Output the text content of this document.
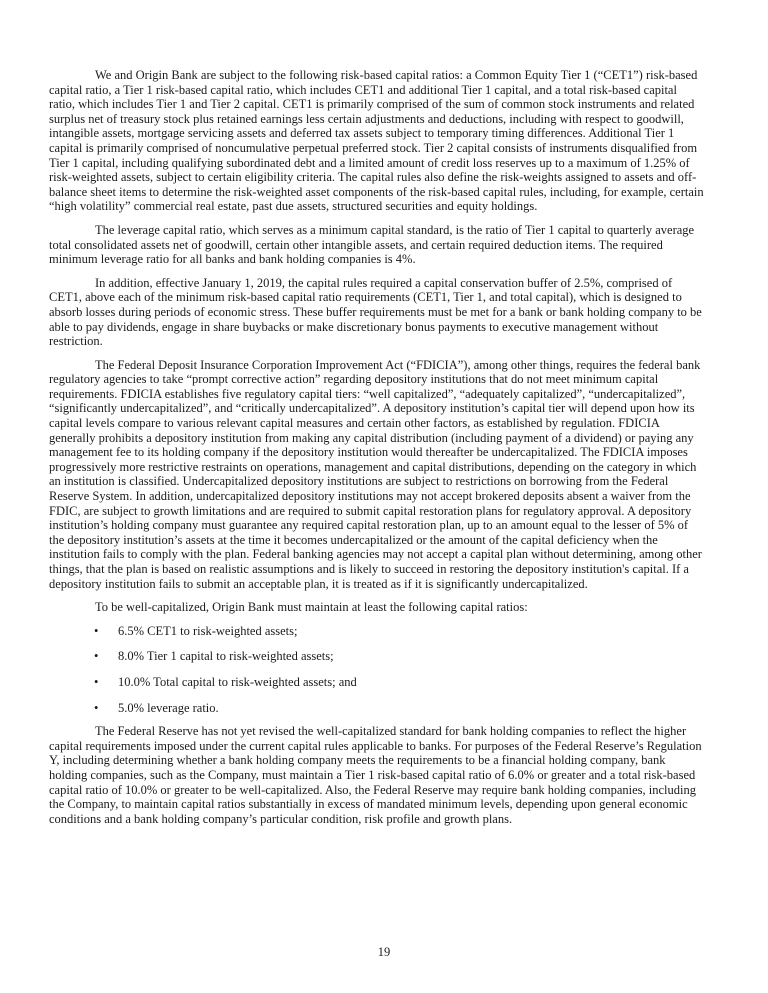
We and Origin Bank are subject to the following risk-based capital ratios: a Common Equity Tier 1 (“CET1”) risk-based capital ratio, a Tier 1 risk-based capital ratio, which includes CET1 and additional Tier 1 capital, and a total risk-based capital ratio, which includes Tier 1 and Tier 2 capital. CET1 is primarily comprised of the sum of common stock instruments and related surplus net of treasury stock plus retained earnings less certain adjustments and deductions, including with respect to goodwill, intangible assets, mortgage servicing assets and deferred tax assets subject to temporary timing differences. Additional Tier 1 capital is primarily comprised of noncumulative perpetual preferred stock. Tier 2 capital consists of instruments disqualified from Tier 1 capital, including qualifying subordinated debt and a limited amount of credit loss reserves up to a maximum of 1.25% of risk-weighted assets, subject to certain eligibility criteria. The capital rules also define the risk-weights assigned to assets and off-balance sheet items to determine the risk-weighted asset components of the risk-based capital rules, including, for example, certain “high volatility” commercial real estate, past due assets, structured securities and equity holdings.

The leverage capital ratio, which serves as a minimum capital standard, is the ratio of Tier 1 capital to quarterly average total consolidated assets net of goodwill, certain other intangible assets, and certain required deduction items. The required minimum leverage ratio for all banks and bank holding companies is 4%.

In addition, effective January 1, 2019, the capital rules required a capital conservation buffer of 2.5%, comprised of CET1, above each of the minimum risk-based capital ratio requirements (CET1, Tier 1, and total capital), which is designed to absorb losses during periods of economic stress. These buffer requirements must be met for a bank or bank holding company to be able to pay dividends, engage in share buybacks or make discretionary bonus payments to executive management without restriction.

The Federal Deposit Insurance Corporation Improvement Act (“FDICIA”), among other things, requires the federal bank regulatory agencies to take “prompt corrective action” regarding depository institutions that do not meet minimum capital requirements. FDICIA establishes five regulatory capital tiers: “well capitalized”, “adequately capitalized”, “undercapitalized”, “significantly undercapitalized”, and “critically undercapitalized”. A depository institution’s capital tier will depend upon how its capital levels compare to various relevant capital measures and certain other factors, as established by regulation. FDICIA generally prohibits a depository institution from making any capital distribution (including payment of a dividend) or paying any management fee to its holding company if the depository institution would thereafter be undercapitalized. The FDICIA imposes progressively more restrictive restraints on operations, management and capital distributions, depending on the category in which an institution is classified. Undercapitalized depository institutions are subject to restrictions on borrowing from the Federal Reserve System. In addition, undercapitalized depository institutions may not accept brokered deposits absent a waiver from the FDIC, are subject to growth limitations and are required to submit capital restoration plans for regulatory approval. A depository institution’s holding company must guarantee any required capital restoration plan, up to an amount equal to the lesser of 5% of the depository institution’s assets at the time it becomes undercapitalized or the amount of the capital deficiency when the institution fails to comply with the plan. Federal banking agencies may not accept a capital plan without determining, among other things, that the plan is based on realistic assumptions and is likely to succeed in restoring the depository institution's capital. If a depository institution fails to submit an acceptable plan, it is treated as if it is significantly undercapitalized.

To be well-capitalized, Origin Bank must maintain at least the following capital ratios:

• 6.5% CET1 to risk-weighted assets;
• 8.0% Tier 1 capital to risk-weighted assets;
• 10.0% Total capital to risk-weighted assets; and
• 5.0% leverage ratio.

The Federal Reserve has not yet revised the well-capitalized standard for bank holding companies to reflect the higher capital requirements imposed under the current capital rules applicable to banks. For purposes of the Federal Reserve’s Regulation Y, including determining whether a bank holding company meets the requirements to be a financial holding company, bank holding companies, such as the Company, must maintain a Tier 1 risk-based capital ratio of 6.0% or greater and a total risk-based capital ratio of 10.0% or greater to be well-capitalized. Also, the Federal Reserve may require bank holding companies, including the Company, to maintain capital ratios substantially in excess of mandated minimum levels, depending upon general economic conditions and a bank holding company’s particular condition, risk profile and growth plans.

19
